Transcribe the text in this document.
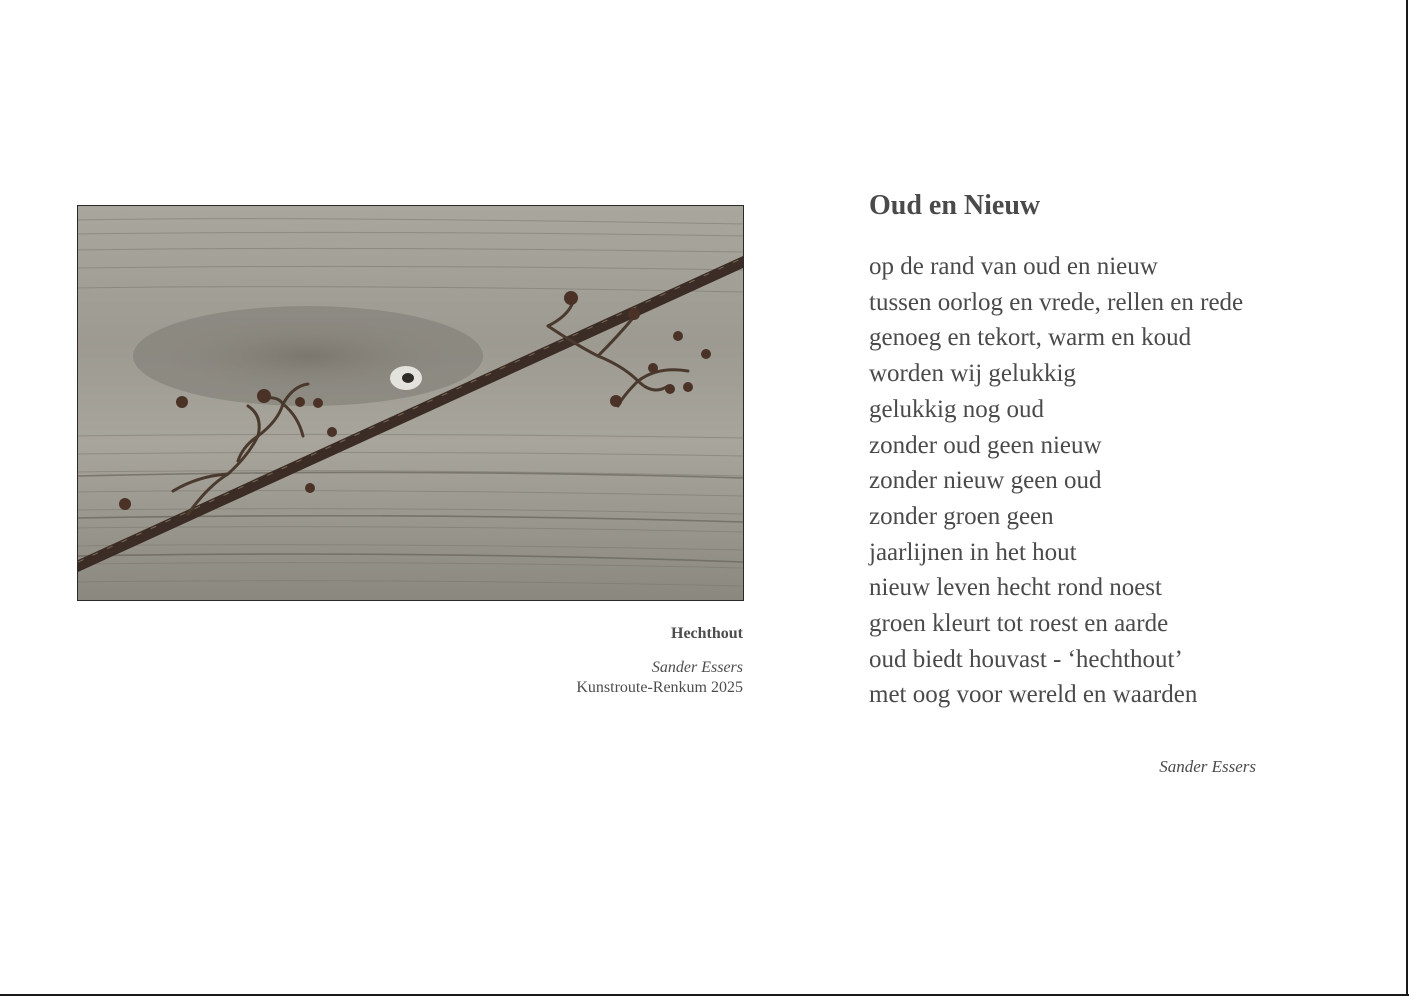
Hechthout
Sander Essers
Kunstroute-Renkum 2025
Oud en Nieuw
op de rand van oud en nieuw
tussen oorlog en vrede, rellen en rede
genoeg en tekort, warm en koud
worden wij gelukkig
gelukkig nog oud
zonder oud geen nieuw
zonder nieuw geen oud
zonder groen geen
jaarlijnen in het hout
nieuw leven hecht rond noest
groen kleurt tot roest en aarde
oud biedt houvast - ‘hechthout’
met oog voor wereld en waarden
Sander Essers
